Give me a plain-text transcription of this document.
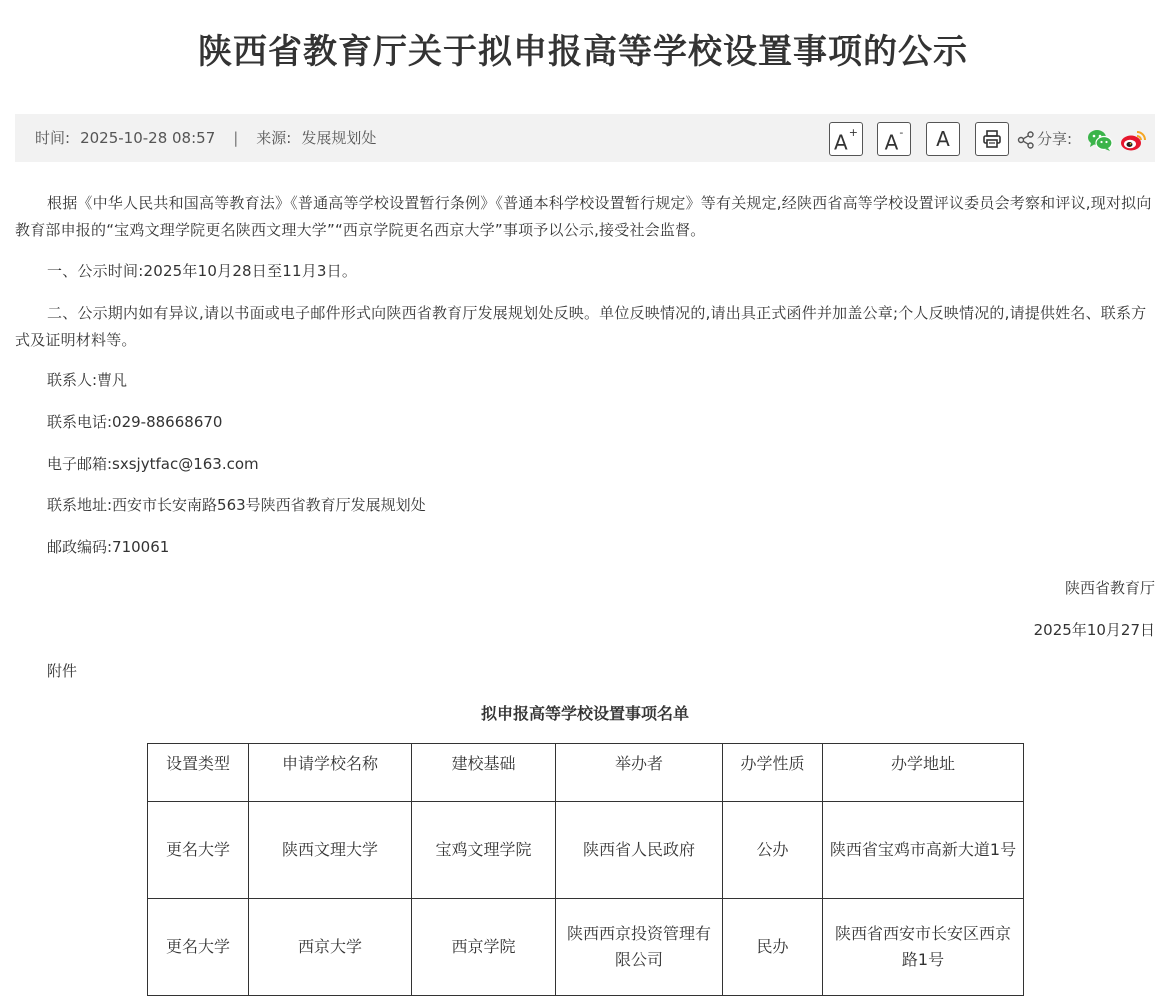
陕西省教育厅关于拟申报高等学校设置事项的公示
时间: 2025-10-28 08:57 | 来源: 发展规划处	A+	A-	A	分享:

根据《中华人民共和国高等教育法》《普通高等学校设置暂行条例》《普通本科学校设置暂行规定》等有关规定,经陕西省高等学校设置评议委员会考察和评议,现对拟向教育部申报的“宝鸡文理学院更名陕西文理大学”“西京学院更名西京大学”事项予以公示,接受社会监督。

一、公示时间:2025年10月28日至11月3日。

二、公示期内如有异议,请以书面或电子邮件形式向陕西省教育厅发展规划处反映。单位反映情况的,请出具正式函件并加盖公章;个人反映情况的,请提供姓名、联系方式及证明材料等。

联系人:曹凡
联系电话:029-88668670
电子邮箱:sxsjytfac@163.com
联系地址:西安市长安南路563号陕西省教育厅发展规划处
邮政编码:710061
陕西省教育厅
2025年10月27日
附件
拟申报高等学校设置事项名单
设置类型	申请学校名称	建校基础	举办者	办学性质	办学地址
更名大学	陕西文理大学	宝鸡文理学院	陕西省人民政府	公办	陕西省宝鸡市高新大道1号
更名大学	西京大学	西京学院	陕西西京投资管理有限公司	民办	陕西省西安市长安区西京路1号
